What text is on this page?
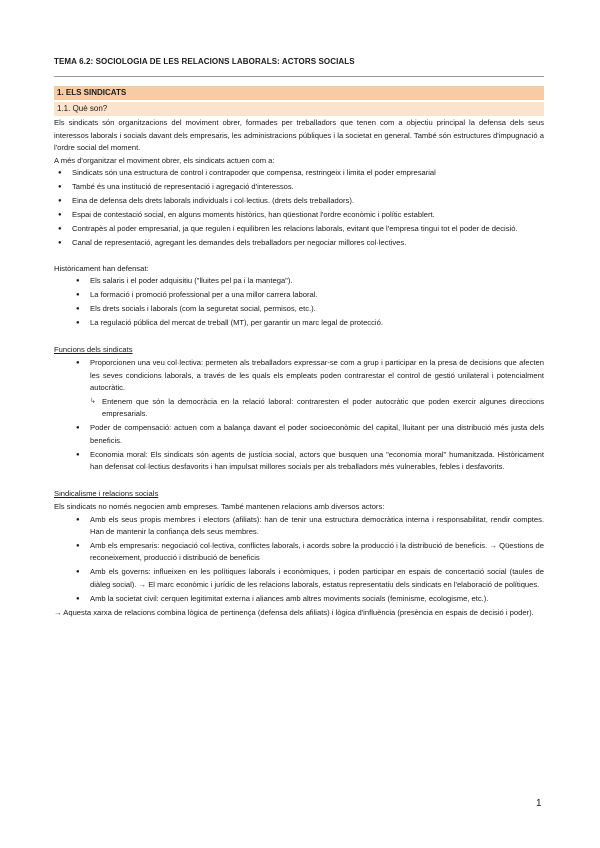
TEMA 6.2: SOCIOLOGIA DE LES RELACIONS LABORALS: ACTORS SOCIALS
1. ELS SINDICATS
1.1. Què son?

Els sindicats són organitzacions del moviment obrer, formades per treballadors que tenen com a objectiu principal la defensa dels seus interessos laborals i socials davant dels empresaris, les administracions públiques i la societat en general. També són estructures d'impugnació a l'ordre social del moment.

A més d'organitzar el moviment obrer, els sindicats actuen com a:

● Sindicats són una estructura de control i contrapoder que compensa, restringeix i limita el poder empresarial
● També és una institució de representació i agregació d'interessos.
● Eina de defensa dels drets laborals individuals i col·lectius. (drets dels treballadors).
● Espai de contestació social, en alguns moments històrics, han qüestionat l'ordre econòmic i polític establert.
● Contrapès al poder empresarial, ja que regulen i equilibren les relacions laborals, evitant que l'empresa tingui tot el poder de decisió.
● Canal de representació, agregant les demandes dels treballadors per negociar millores col·lectives.

Històricament han defensat:

● Els salaris i el poder adquisitiu ("lluites pel pa i la mantega").
● La formació i promoció professional per a una millor carrera laboral.
● Els drets socials i laborals (com la seguretat social, permisos, etc.).
● La regulació pública del mercat de treball (MT), per garantir un marc legal de protecció.
Funcions dels sindicats
● Proporcionen una veu col·lectiva: permeten als treballadors expressar-se com a grup i participar en la presa de decisions que afecten les seves condicions laborals, a través de les quals els empleats poden contrarestar el control de gestió unilateral i potencialment autocràtic.
↳ Entenem que són la democràcia en la relació laboral: contraresten el poder autocràtic que poden exercir algunes direccions empresarials.
● Poder de compensació: actuen com a balança davant el poder socioeconòmic del capital, lluitant per una distribució més justa dels beneficis.
● Economia moral: Els sindicats són agents de justícia social, actors que busquen una "economia moral" humanitzada. Històricament han defensat col·lectius desfavorits i han impulsat millores socials per als treballadors més vulnerables, febles i desfavorits.
Sindicalisme i relacions socials

Els sindicats no només negocien amb empreses. També mantenen relacions amb diversos actors:

● Amb els seus propis membres i electors (afiliats): han de tenir una estructura democràtica interna i responsabilitat, rendir comptes. Han de mantenir la confiança dels seus membres.
● Amb els empresaris: negociació col·lectiva, conflictes laborals, i acords sobre la producció i la distribució de beneficis. → Qüestions de reconeixement, producció i distribució de beneficis
● Amb els governs: influeixen en les polítiques laborals i econòmiques, i poden participar en espais de concertació social (taules de diàleg social). → El marc econòmic i jurídic de les relacions laborals, estatus representatiu dels sindicats en l'elaboració de polítiques.
● Amb la societat civil: cerquen legitimitat externa i aliances amb altres moviments socials (feminisme, ecologisme, etc.).

→ Aquesta xarxa de relacions combina lògica de pertinença (defensa dels afiliats) i lògica d'influència (presència en espais de decisió i poder).

1
